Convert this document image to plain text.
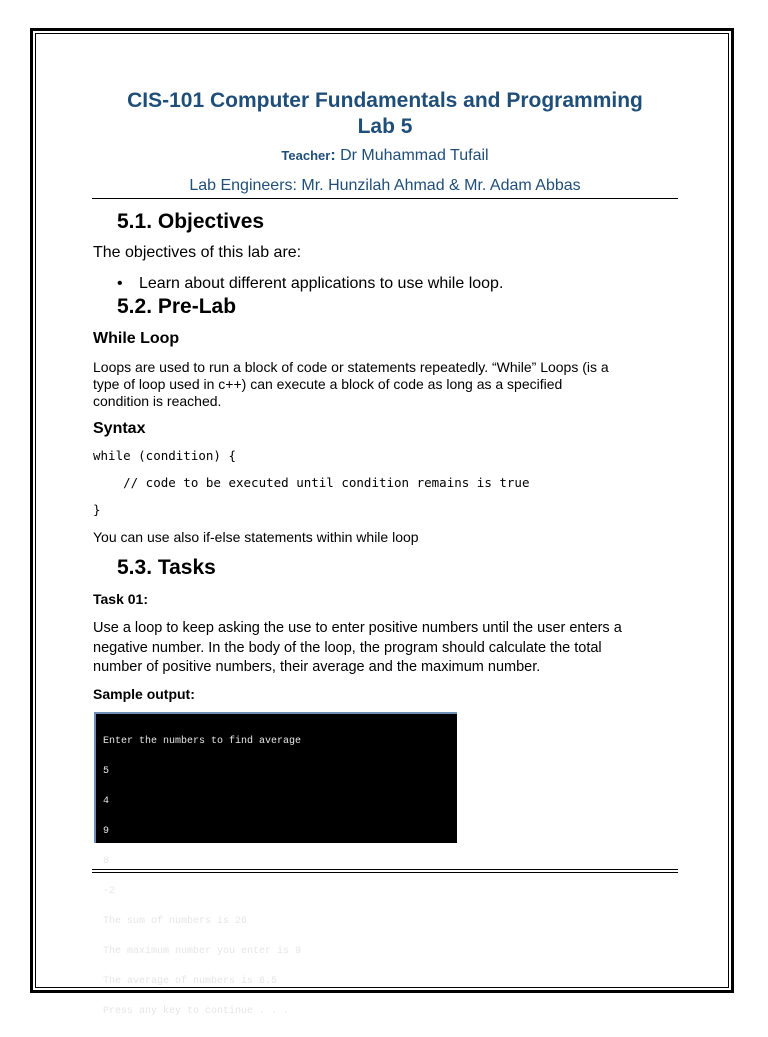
CIS-101 Computer Fundamentals and Programming
Lab 5
Teacher: Dr Muhammad Tufail
Lab Engineers: Mr. Hunzilah Ahmad & Mr. Adam Abbas
5.1. Objectives
The objectives of this lab are:
• Learn about different applications to use while loop.
5.2. Pre-Lab
While Loop
Loops are used to run a block of code or statements repeatedly. “While” Loops (is a
type of loop used in c++) can execute a block of code as long as a specified
condition is reached.
Syntax
while (condition) {
// code to be executed until condition remains is true
}
You can use also if-else statements within while loop
5.3. Tasks
Task 01:
Use a loop to keep asking the use to enter positive numbers until the user enters a
negative number. In the body of the loop, the program should calculate the total
number of positive numbers, their average and the maximum number.
Sample output:

Enter the numbers to find average

5

4

9

8

-2

The sum of numbers is 26

The maximum number you enter is 9

The average of numbers is 6.5

Press any key to continue . . .
